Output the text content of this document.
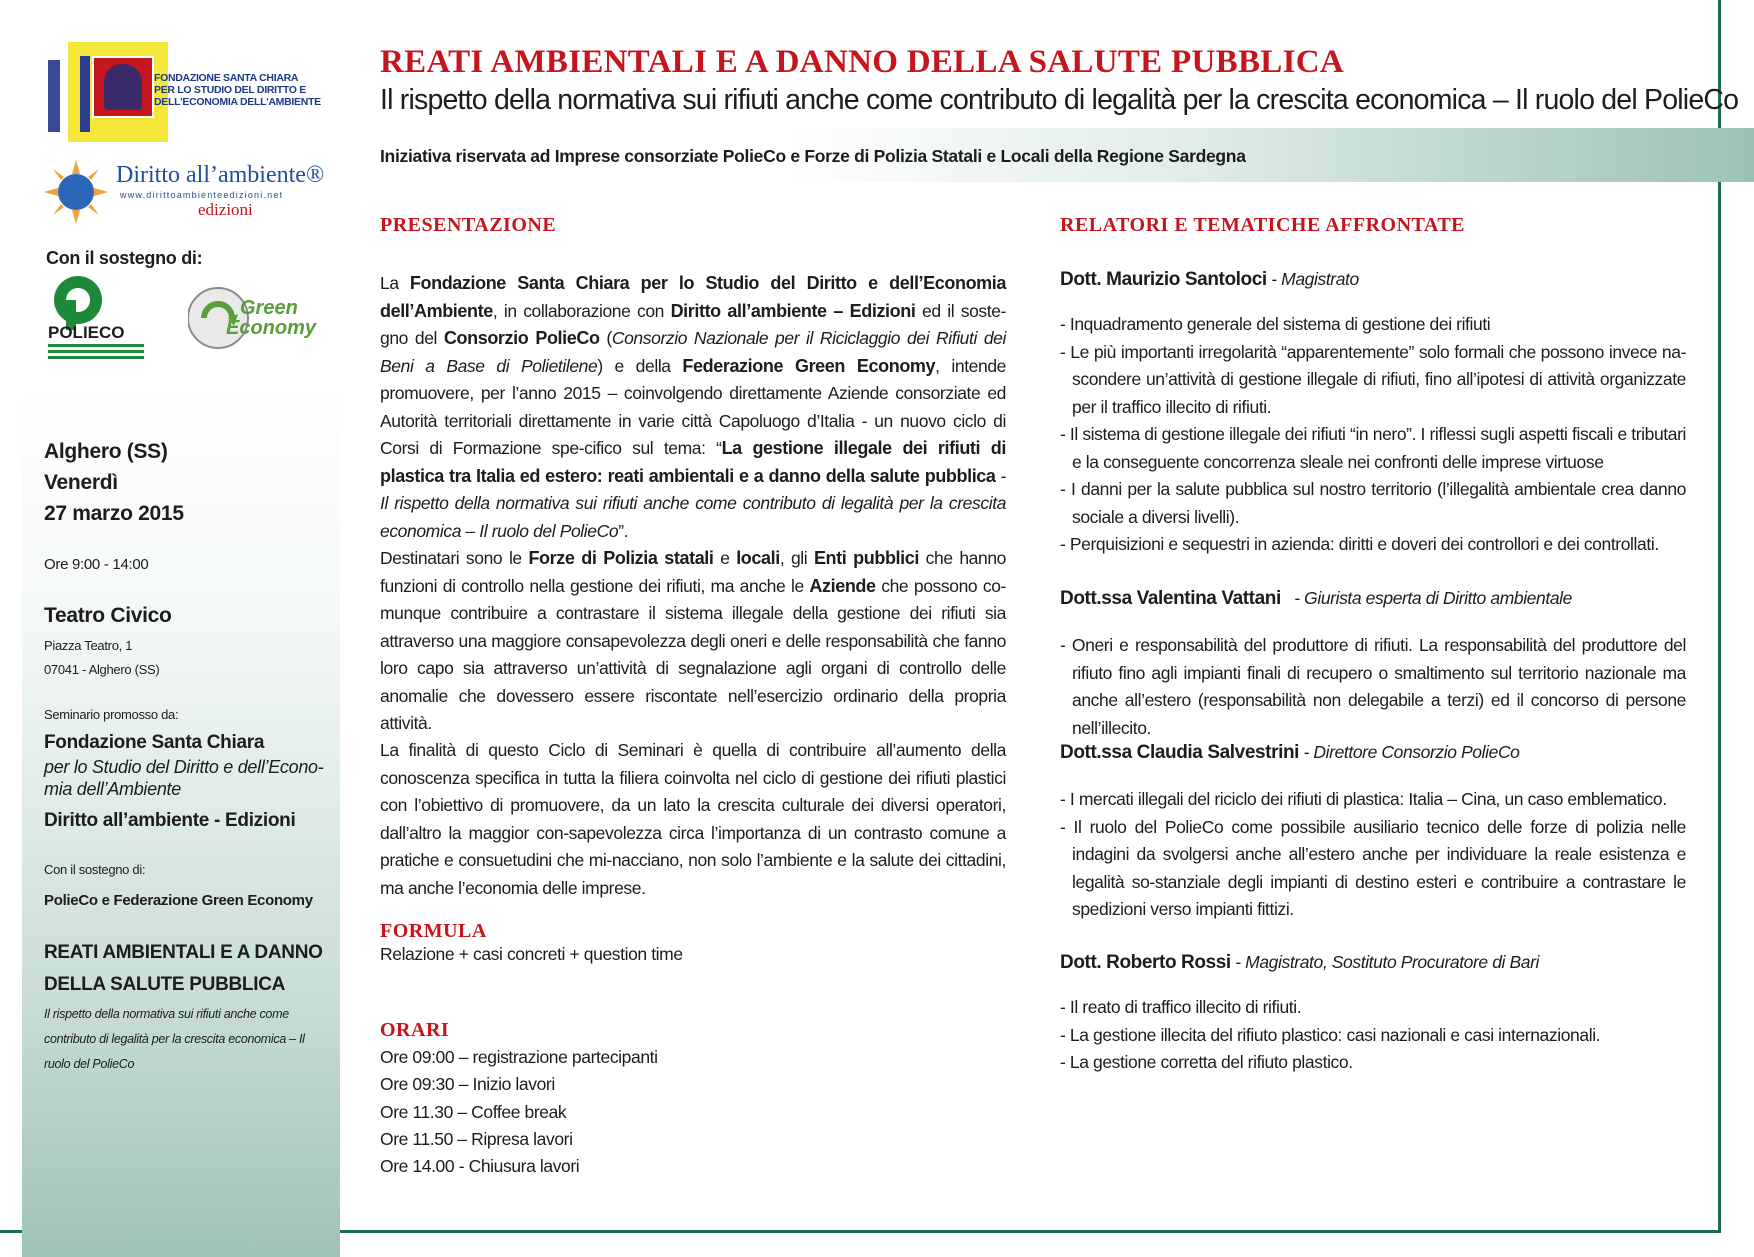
FONDAZIONE SANTA CHIARA
PER LO STUDIO DEL DIRITTO E
DELL'ECONOMIA DELL'AMBIENTE
Diritto all’ambiente®
www.dirittoambienteedizioni.net
edizioni
Con il sostegno di:
POLIECO
Green
Economy
Alghero (SS)
Venerdì
27 marzo 2015
Ore 9:00 - 14:00
Teatro Civico
Piazza Teatro, 1
07041 - Alghero (SS)
Seminario promosso da:
Fondazione Santa Chiara
per lo Studio del Diritto e dell’Econo-mia dell’Ambiente
Diritto all’ambiente - Edizioni
Con il sostegno di:
PolieCo e Federazione Green Economy
REATI AMBIENTALI E A DANNO
DELLA SALUTE PUBBLICA
Il rispetto della normativa sui rifiuti anche come contributo di legalità per la crescita economica – Il ruolo del PolieCo
REATI AMBIENTALI E A DANNO DELLA SALUTE PUBBLICA
Il rispetto della normativa sui rifiuti anche come contributo di legalità per la crescita economica – Il ruolo del PolieCo
Iniziativa riservata ad Imprese consorziate PolieCo e Forze di Polizia Statali e Locali della Regione Sardegna
PRESENTAZIONE
La Fondazione Santa Chiara per lo Studio del Diritto e dell’Economia dell’Ambiente, in collaborazione con Diritto all’ambiente – Edizioni ed il soste-gno del Consorzio PolieCo (Consorzio Nazionale per il Riciclaggio dei Rifiuti dei Beni a Base di Polietilene) e della Federazione Green Economy, intende promuovere, per l’anno 2015 – coinvolgendo direttamente Aziende consorziate ed Autorità territoriali direttamente in varie città Capoluogo d’Italia - un nuovo ciclo di Corsi di Formazione spe-cifico sul tema: “La gestione illegale dei rifiuti di plastica tra Italia ed estero: reati ambientali e a danno della salute pubblica - Il rispetto della normativa sui rifiuti anche come contributo di legalità per la crescita economica – Il ruolo del PolieCo”.
Destinatari sono le Forze di Polizia statali e locali, gli Enti pubblici che hanno funzioni di controllo nella gestione dei rifiuti, ma anche le Aziende che possono co-munque contribuire a contrastare il sistema illegale della gestione dei rifiuti sia attraverso una maggiore consapevolezza degli oneri e delle responsabilità che fanno loro capo sia attraverso un’attività di segnalazione agli organi di controllo delle anomalie che dovessero essere riscontate nell’esercizio ordinario della propria attività.
La finalità di questo Ciclo di Seminari è quella di contribuire all’aumento della conoscenza specifica in tutta la filiera coinvolta nel ciclo di gestione dei rifiuti plastici con l’obiettivo di promuovere, da un lato la crescita culturale dei diversi operatori, dall’altro la maggior con-sapevolezza circa l’importanza di un contrasto comune a pratiche e consuetudini che mi-nacciano, non solo l’ambiente e la salute dei cittadini, ma anche l’economia delle imprese.
FORMULA
Relazione + casi concreti + question time
ORARI
Ore 09:00 – registrazione partecipanti
Ore 09:30 – Inizio lavori
Ore 11.30 – Coffee break
Ore 11.50 – Ripresa lavori
Ore 14.00 - Chiusura lavori
RELATORI E TEMATICHE AFFRONTATE
Dott. Maurizio Santoloci - Magistrato
- Inquadramento generale del sistema di gestione dei rifiuti
- Le più importanti irregolarità “apparentemente” solo formali che possono invece na-scondere un’attività di gestione illegale di rifiuti, fino all’ipotesi di attività organizzate per il traffico illecito di rifiuti.
- Il sistema di gestione illegale dei rifiuti “in nero”. I riflessi sugli aspetti fiscali e tributari e la conseguente concorrenza sleale nei confronti delle imprese virtuose
- I danni per la salute pubblica sul nostro territorio (l’illegalità ambientale crea danno sociale a diversi livelli).
- Perquisizioni e sequestri in azienda: diritti e doveri dei controllori e dei controllati.
Dott.ssa Valentina Vattani   - Giurista esperta di Diritto ambientale
- Oneri e responsabilità del produttore di rifiuti. La responsabilità del produttore del rifiuto fino agli impianti finali di recupero o smaltimento sul territorio nazionale ma anche all’estero (responsabilità non delegabile a terzi) ed il concorso di persone nell’illecito.
Dott.ssa Claudia Salvestrini - Direttore Consorzio PolieCo
- I mercati illegali del riciclo dei rifiuti di plastica: Italia – Cina, un caso emblematico.
- Il ruolo del PolieCo come possibile ausiliario tecnico delle forze di polizia nelle indagini da svolgersi anche all’estero anche per individuare la reale esistenza e legalità so-stanziale degli impianti di destino esteri e contribuire a contrastare le spedizioni verso impianti fittizi.
Dott. Roberto Rossi - Magistrato, Sostituto Procuratore di Bari
- Il reato di traffico illecito di rifiuti.
- La gestione illecita del rifiuto plastico: casi nazionali e casi internazionali.
- La gestione corretta del rifiuto plastico.
